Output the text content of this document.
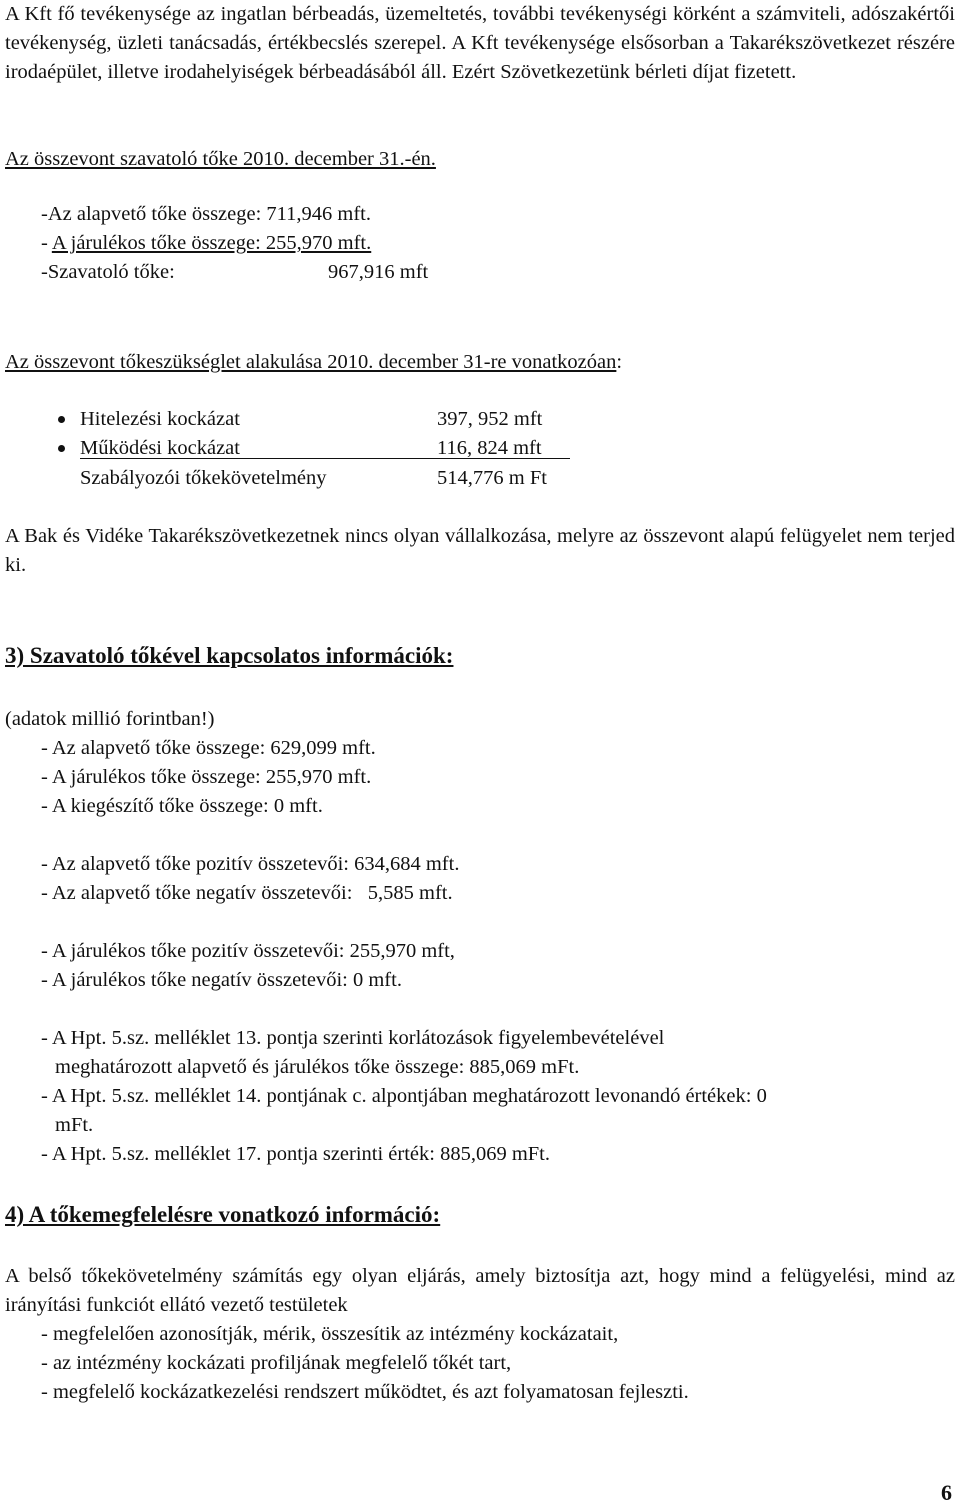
A Kft fő tevékenysége az ingatlan bérbeadás, üzemeltetés, további tevékenységi körként a számviteli, adószakértői tevékenység, üzleti tanácsadás, értékbecslés szerepel. A Kft tevékenysége elsősorban a Takarékszövetkezet részére irodaépület, illetve irodahelyiségek bérbeadásából áll. Ezért Szövetkezetünk bérleti díjat fizetett.

Az összevont szavatoló tőke 2010. december 31.-én.
-Az alapvető tőke összege: 711,946 mft.
- A járulékos tőke összege: 255,970 mft.
-Szavatoló tőke:	967,916 mft
Az összevont tőkeszükséglet alakulása 2010. december 31-re vonatkozóan:
Hitelezési kockázat	397, 952 mft
Működési kockázat	116, 824 mft
Szabályozói tőkekövetelmény	514,776 m Ft

A Bak és Vidéke Takarékszövetkezetnek nincs olyan vállalkozása, melyre az összevont alapú felügyelet nem terjed ki.

3) Szavatoló tőkével kapcsolatos információk:
(adatok millió forintban!)
- Az alapvető tőke összege: 629,099 mft.
- A járulékos tőke összege: 255,970 mft.
- A kiegészítő tőke összege: 0 mft.
- Az alapvető tőke pozitív összetevői: 634,684 mft.
- Az alapvető tőke negatív összetevői:   5,585 mft.
- A járulékos tőke pozitív összetevői: 255,970 mft,
- A járulékos tőke negatív összetevői: 0 mft.
- A Hpt. 5.sz. melléklet 13. pontja szerinti korlátozások figyelembevételével
meghatározott alapvető és járulékos tőke összege: 885,069 mFt.
- A Hpt. 5.sz. melléklet 14. pontjának c. alpontjában meghatározott levonandó értékek: 0
mFt.
- A Hpt. 5.sz. melléklet 17. pontja szerinti érték: 885,069 mFt.
4) A tőkemegfelelésre vonatkozó információ:

A belső tőkekövetelmény számítás egy olyan eljárás, amely biztosítja azt, hogy mind a felügyelési, mind az irányítási funkciót ellátó vezető testületek

- megfelelően azonosítják, mérik, összesítik az intézmény kockázatait,
- az intézmény kockázati profiljának megfelelő tőkét tart,
- megfelelő kockázatkezelési rendszert működtet, és azt folyamatosan fejleszti.
6
